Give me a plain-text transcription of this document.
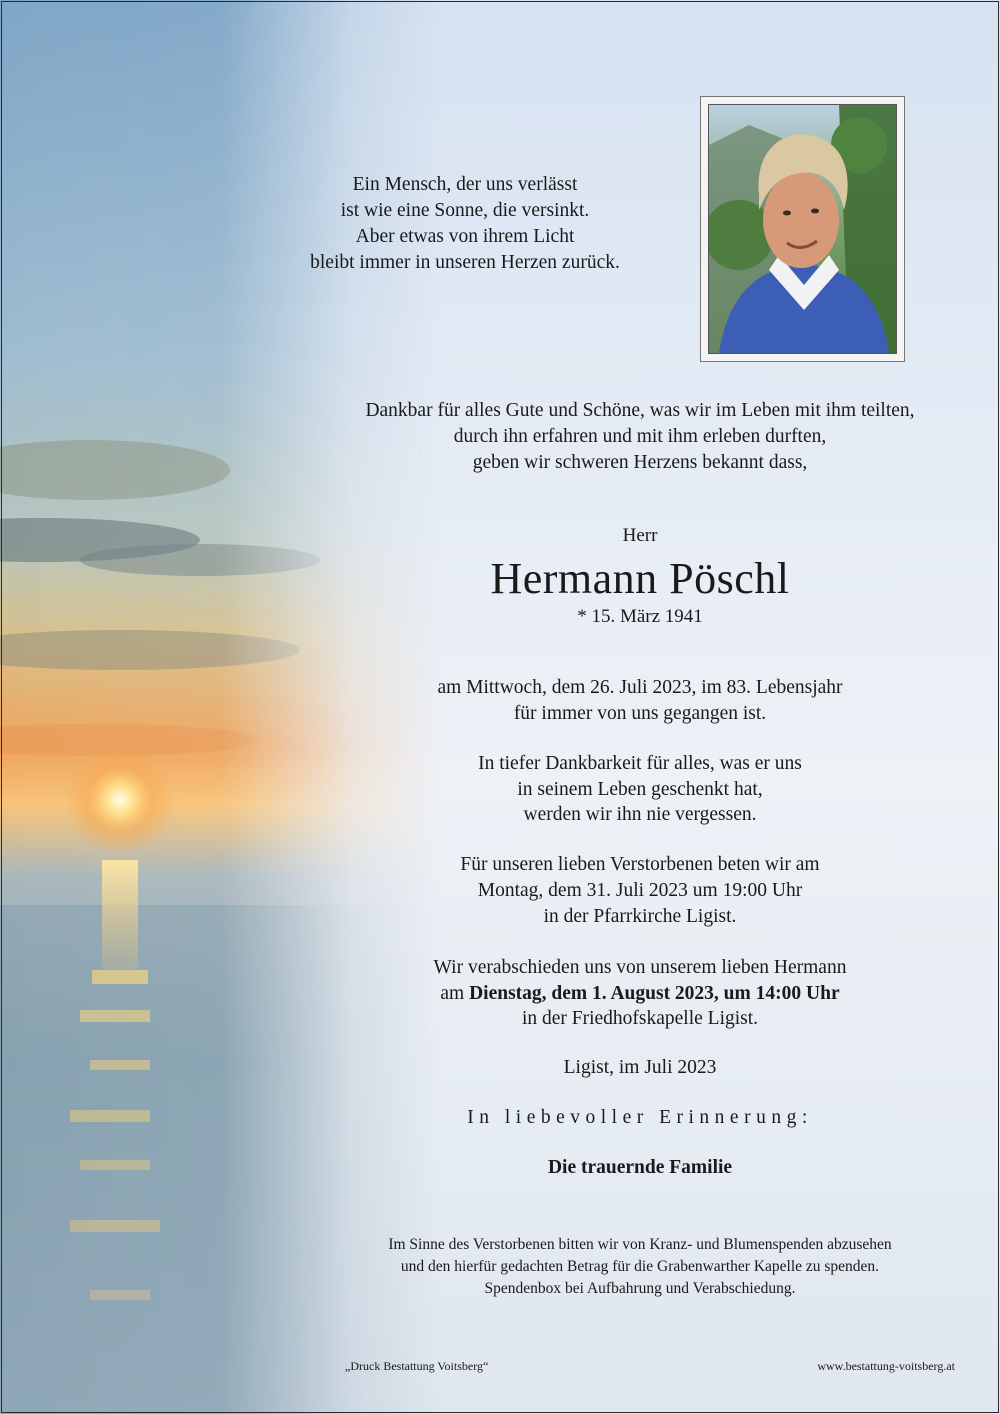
Ein Mensch, der uns verlässt
ist wie eine Sonne, die versinkt.
Aber etwas von ihrem Licht
bleibt immer in unseren Herzen zurück.
Dankbar für alles Gute und Schöne, was wir im Leben mit ihm teilten,
durch ihn erfahren und mit ihm erleben durften,
geben wir schweren Herzens bekannt dass,
Herr
Hermann Pöschl
* 15. März 1941
am Mittwoch, dem 26. Juli 2023, im 83. Lebensjahr
für immer von uns gegangen ist.
In tiefer Dankbarkeit für alles, was er uns
in seinem Leben geschenkt hat,
werden wir ihn nie vergessen.
Für unseren lieben Verstorbenen beten wir am
Montag, dem 31. Juli 2023 um 19:00 Uhr
in der Pfarrkirche Ligist.
Wir verabschieden uns von unserem lieben Hermann
am Dienstag, dem 1. August 2023, um 14:00 Uhr
in der Friedhofskapelle Ligist.
Ligist, im Juli 2023
In liebevoller Erinnerung:
Die trauernde Familie
Im Sinne des Verstorbenen bitten wir von Kranz- und Blumenspenden abzusehen
und den hierfür gedachten Betrag für die Grabenwarther Kapelle zu spenden.
Spendenbox bei Aufbahrung und Verabschiedung.
„Druck Bestattung Voitsberg“	www.bestattung-voitsberg.at
